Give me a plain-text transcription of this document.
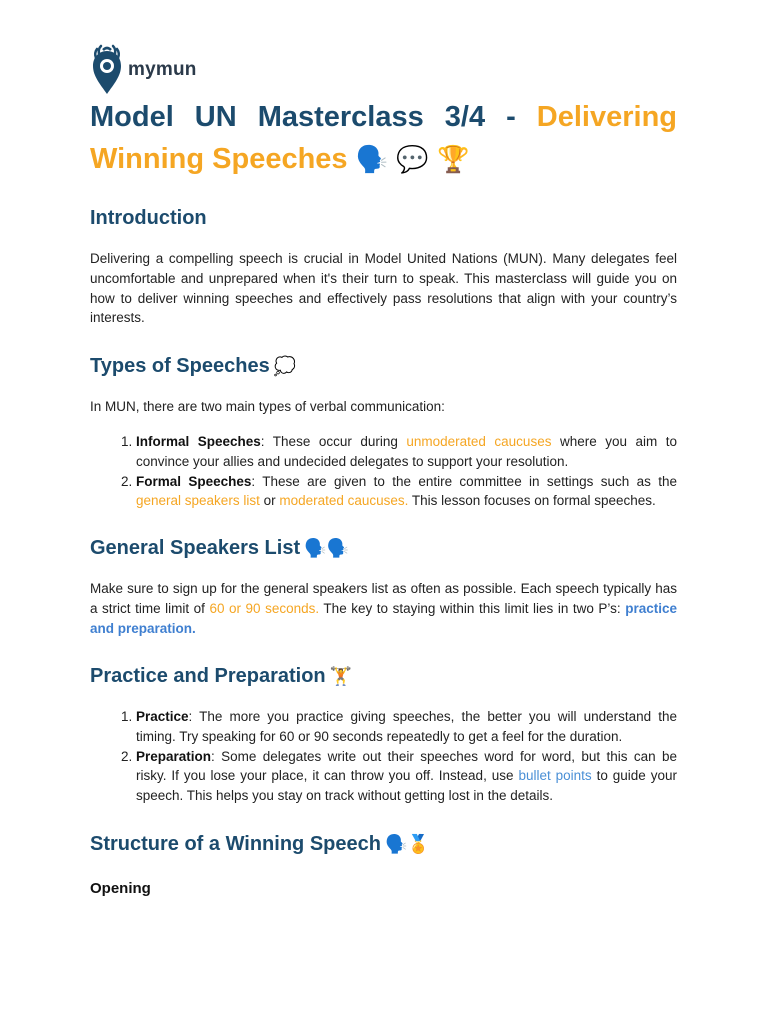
mymun
Model UN Masterclass 3/4 - Delivering Winning Speeches 🗣️ 💬 🏆
Introduction

Delivering a compelling speech is crucial in Model United Nations (MUN). Many delegates feel uncomfortable and unprepared when it's their turn to speak. This masterclass will guide you on how to deliver winning speeches and effectively pass resolutions that align with your country’s interests.

Types of Speeches 💭

In MUN, there are two main types of verbal communication:

1. Informal Speeches: These occur during unmoderated caucuses where you aim to convince your allies and undecided delegates to support your resolution.
2. Formal Speeches: These are given to the entire committee in settings such as the general speakers list or moderated caucuses. This lesson focuses on formal speeches.
General Speakers List 🗣️🗣️

Make sure to sign up for the general speakers list as often as possible. Each speech typically has a strict time limit of 60 or 90 seconds. The key to staying within this limit lies in two P’s: practice and preparation.

Practice and Preparation 🏋️
1. Practice: The more you practice giving speeches, the better you will understand the timing. Try speaking for 60 or 90 seconds repeatedly to get a feel for the duration.
2. Preparation: Some delegates write out their speeches word for word, but this can be risky. If you lose your place, it can throw you off. Instead, use bullet points to guide your speech. This helps you stay on track without getting lost in the details.
Structure of a Winning Speech 🗣️🏅
Opening
